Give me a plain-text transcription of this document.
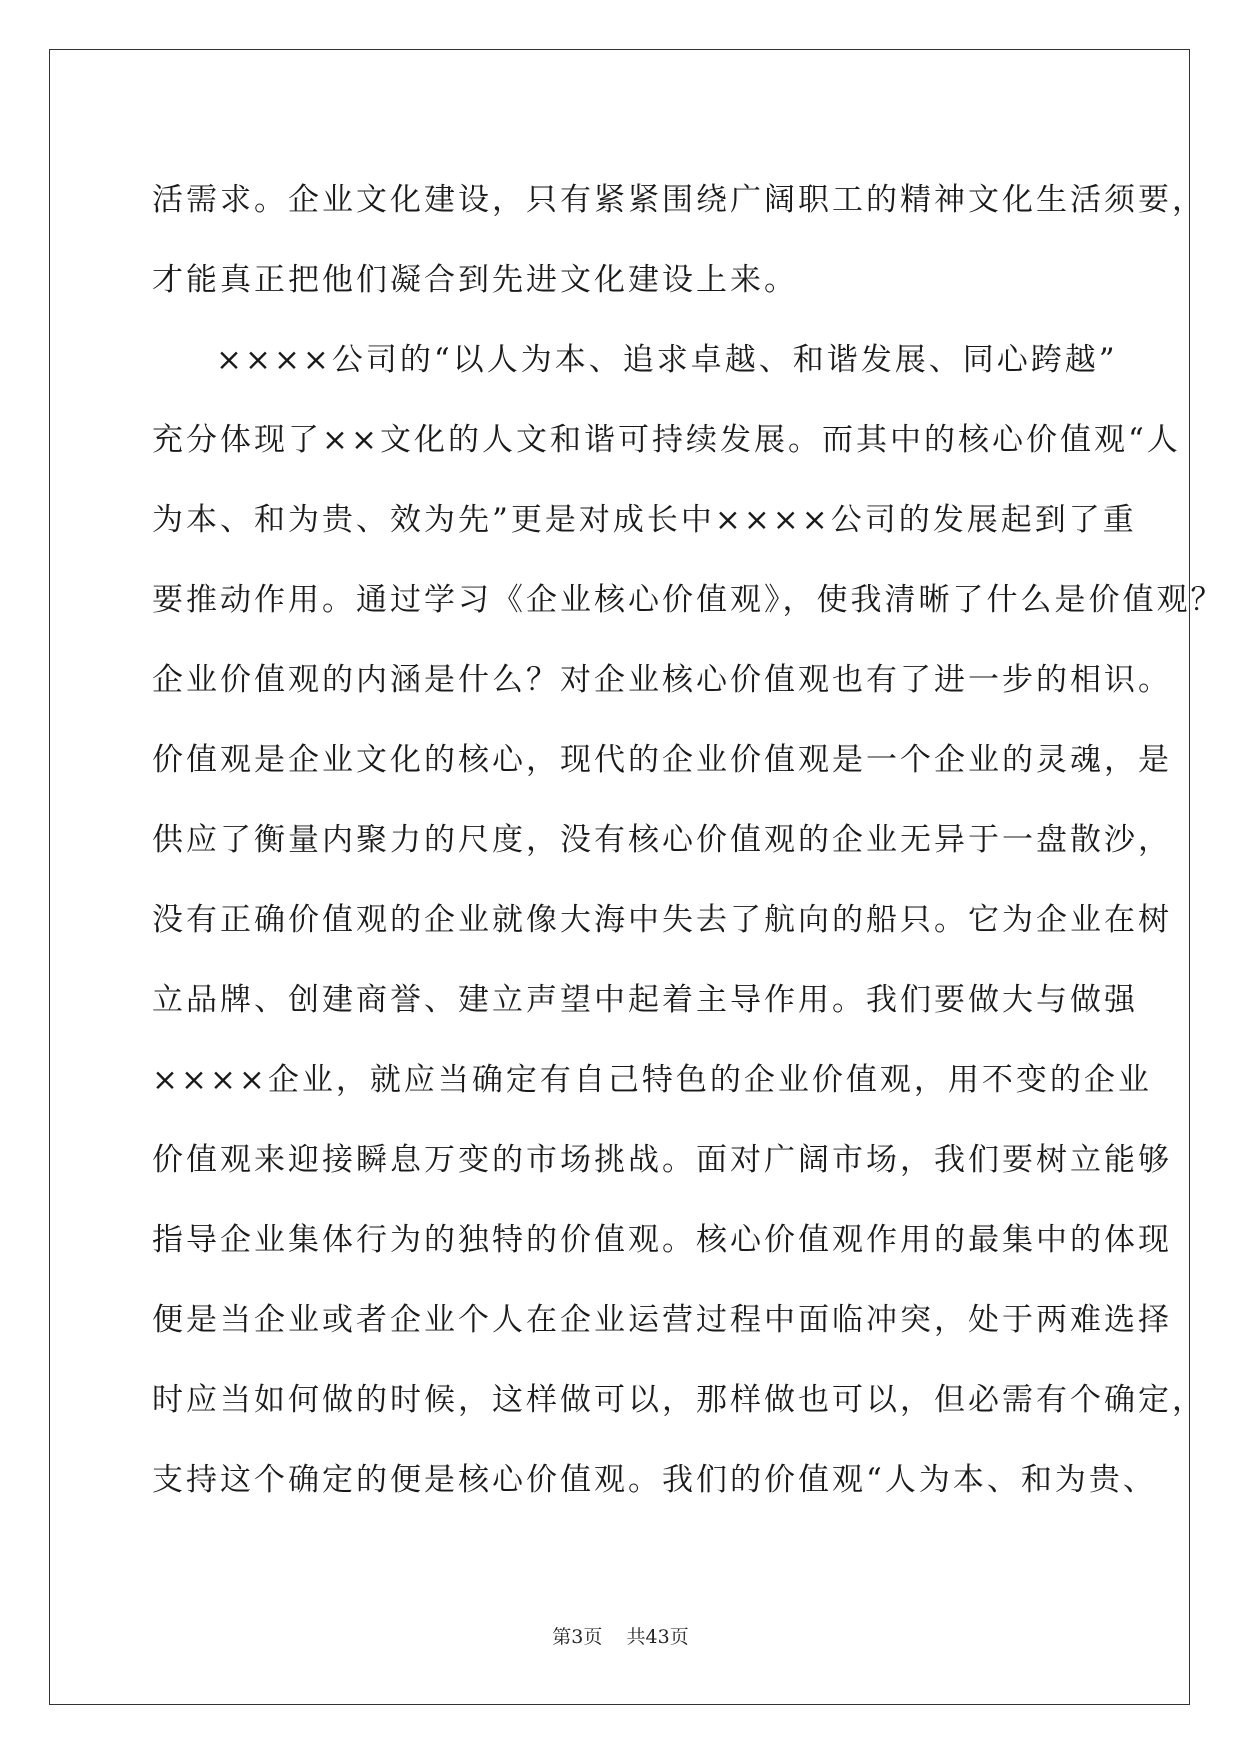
活需求。企业文化建设，只有紧紧围绕广阔职工的精神文化生活须要，
才能真正把他们凝合到先进文化建设上来。
××××公司的“以人为本、追求卓越、和谐发展、同心跨越”
充分体现了××文化的人文和谐可持续发展。而其中的核心价值观“人
为本、和为贵、效为先”更是对成长中××××公司的发展起到了重
要推动作用。通过学习《企业核心价值观》，使我清晰了什么是价值观？
企业价值观的内涵是什么？对企业核心价值观也有了进一步的相识。
价值观是企业文化的核心，现代的企业价值观是一个企业的灵魂，是
供应了衡量内聚力的尺度，没有核心价值观的企业无异于一盘散沙，
没有正确价值观的企业就像大海中失去了航向的船只。它为企业在树
立品牌、创建商誉、建立声望中起着主导作用。我们要做大与做强
××××企业，就应当确定有自己特色的企业价值观，用不变的企业
价值观来迎接瞬息万变的市场挑战。面对广阔市场，我们要树立能够
指导企业集体行为的独特的价值观。核心价值观作用的最集中的体现
便是当企业或者企业个人在企业运营过程中面临冲突，处于两难选择
时应当如何做的时候，这样做可以，那样做也可以，但必需有个确定，
支持这个确定的便是核心价值观。我们的价值观“人为本、和为贵、
第3页 共43页
